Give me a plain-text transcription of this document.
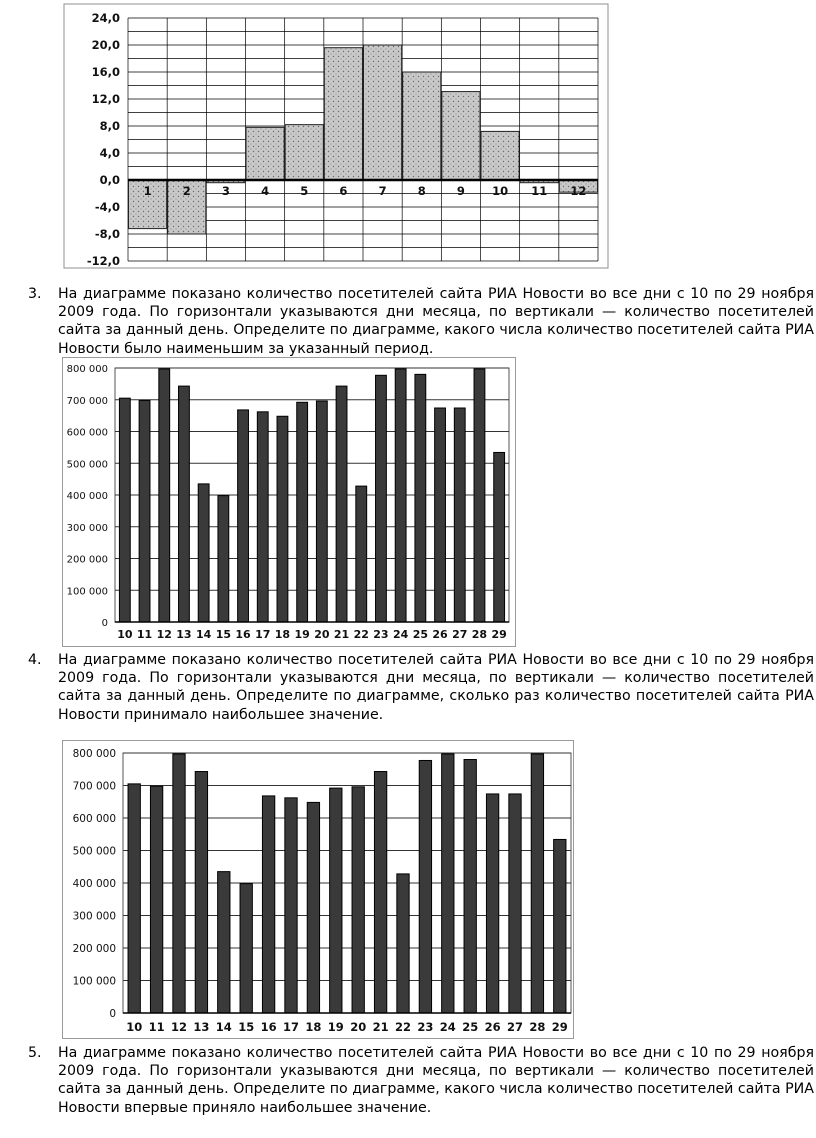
24,0
20,0
16,0
12,0
8,0
4,0
0,0
-4,0
-8,0
-12,0
1	2	3	4	5	6	7	8	9 10 11 12
3.	На диаграмме показано количество посетителей сайта РИА Новости во все дни с 10 по 29 ноября 2009 года. По горизонтали указываются дни месяца, по вертикали — количество посетителей сайта за данный день. Определите по диаграмме, какого числа количество посетителей сайта РИА Новости было наименьшим за указанный период.
800 000
700 000
600 000
500 000
400 000
300 000
200 000
100 000
0
10 11 12 13 14 15 16 17 18 19 20 21 22 23 24 25 26 27 28 29
4.	На диаграмме показано количество посетителей сайта РИА Новости во все дни с 10 по 29 ноября 2009 года. По горизонтали указываются дни месяца, по вертикали — количество посетителей сайта за данный день. Определите по диаграмме, сколько раз количество посетителей сайта РИА Новости принимало наибольшее значение.
800 000
700 000
600 000
500 000
400 000
300 000
200 000
100 000
0
10 11 12 13 14 15 16 17 18 19 20 21 22 23 24 25 26 27 28 29
5.	На диаграмме показано количество посетителей сайта РИА Новости во все дни с 10 по 29 ноября 2009 года. По горизонтали указываются дни месяца, по вертикали — количество посетителей сайта за данный день. Определите по диаграмме, какого числа количество посетителей сайта РИА Новости впервые приняло наибольшее значение.
